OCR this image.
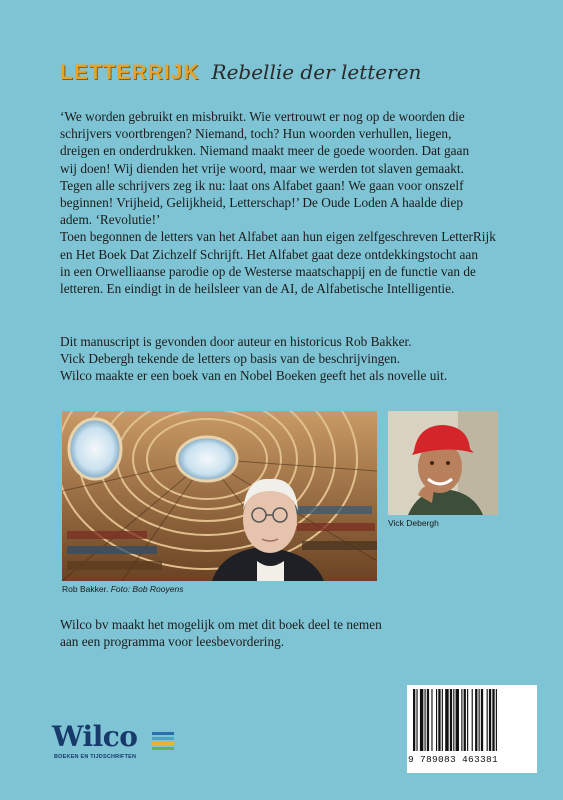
LETTERRIJK Rebellie der letteren

‘We worden gebruikt en misbruikt. Wie vertrouwt er nog op de woorden die

schrijvers voortbrengen? Niemand, toch? Hun woorden verhullen, liegen,

dreigen en onderdrukken. Niemand maakt meer de goede woorden. Dat gaan

wij doen! Wij dienden het vrije woord, maar we werden tot slaven gemaakt.

Tegen alle schrijvers zeg ik nu: laat ons Alfabet gaan! We gaan voor onszelf

beginnen! Vrijheid, Gelijkheid, Letterschap!’ De Oude Loden A haalde diep

adem. ‘Revolutie!’

Toen begonnen de letters van het Alfabet aan hun eigen zelfgeschreven LetterRijk

en Het Boek Dat Zichzelf Schrijft. Het Alfabet gaat deze ontdekkingstocht aan

in een Orwelliaanse parodie op de Westerse maatschappij en de functie van de

letteren. En eindigt in de heilsleer van de AI, de Alfabetische Intelligentie.

Dit manuscript is gevonden door auteur en historicus Rob Bakker.

Vick Debergh tekende de letters op basis van de beschrijvingen.

Wilco maakte er een boek van en Nobel Boeken geeft het als novelle uit.

Rob Bakker. Foto: Bob Rooyens
Vick Debergh

Wilco bv maakt het mogelijk om met dit boek deel te nemen

aan een programma voor leesbevordering.

Wilco
BOEKEN EN TIJDSCHRIFTEN	9 789083 463381
